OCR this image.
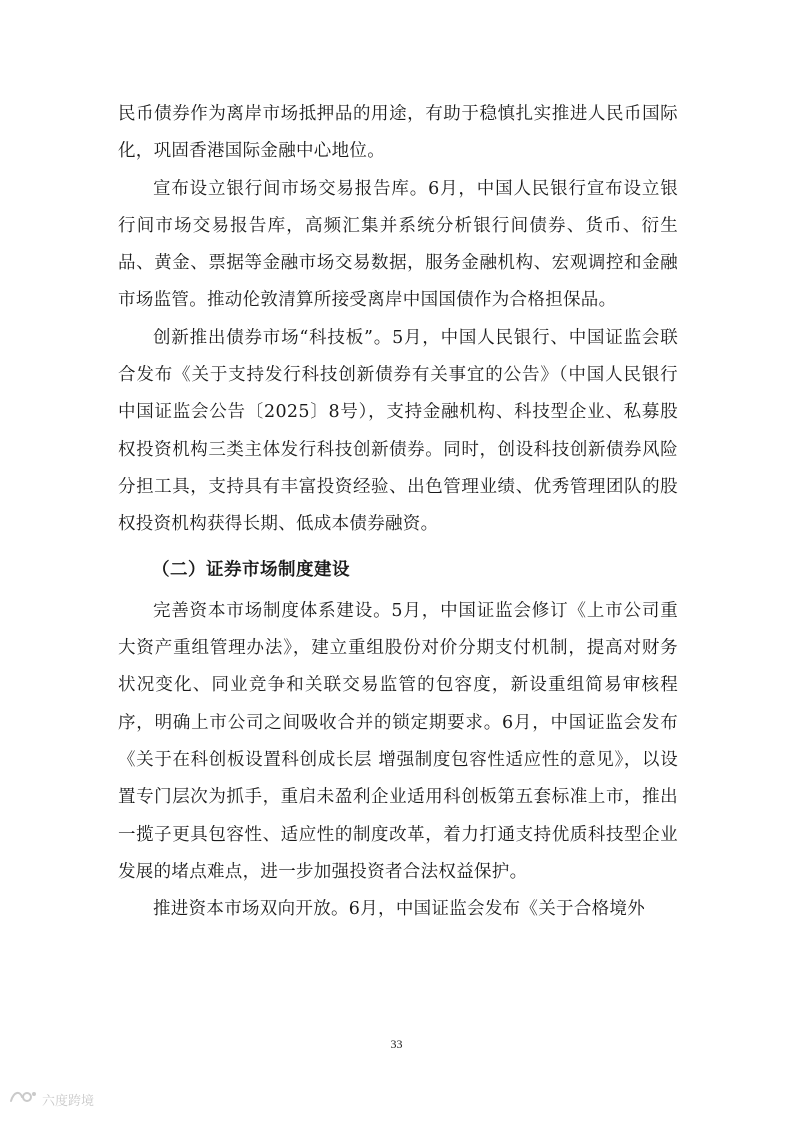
民币债券作为离岸市场抵押品的用途，有助于稳慎扎实推进人民币国际化，巩固香港国际金融中心地位。

宣布设立银行间市场交易报告库。6月，中国人民银行宣布设立银行间市场交易报告库，高频汇集并系统分析银行间债券、货币、衍生品、黄金、票据等金融市场交易数据，服务金融机构、宏观调控和金融市场监管。推动伦敦清算所接受离岸中国国债作为合格担保品。

创新推出债券市场“科技板”。5月，中国人民银行、中国证监会联合发布《关于支持发行科技创新债券有关事宜的公告》（中国人民银行 中国证监会公告〔2025〕8号），支持金融机构、科技型企业、私募股权投资机构三类主体发行科技创新债券。同时，创设科技创新债券风险分担工具，支持具有丰富投资经验、出色管理业绩、优秀管理团队的股权投资机构获得长期、低成本债券融资。

（二）证券市场制度建设

完善资本市场制度体系建设。5月，中国证监会修订《上市公司重大资产重组管理办法》，建立重组股份对价分期支付机制，提高对财务状况变化、同业竞争和关联交易监管的包容度，新设重组简易审核程序，明确上市公司之间吸收合并的锁定期要求。6月，中国证监会发布《关于在科创板设置科创成长层 增强制度包容性适应性的意见》，以设置专门层次为抓手，重启未盈利企业适用科创板第五套标准上市，推出一揽子更具包容性、适应性的制度改革，着力打通支持优质科技型企业发展的堵点难点，进一步加强投资者合法权益保护。

推进资本市场双向开放。6月，中国证监会发布《关于合格境外

33
六度跨境
